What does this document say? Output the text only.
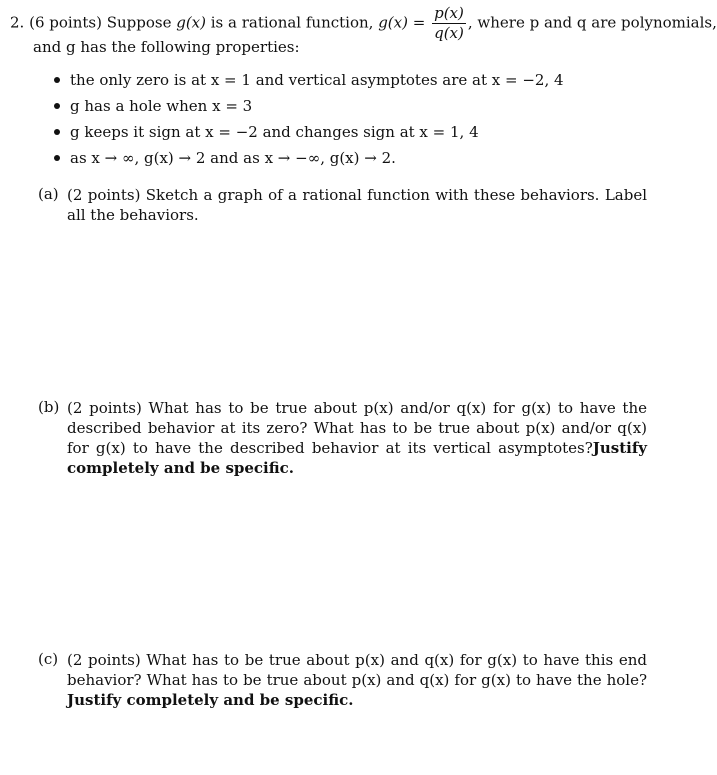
2. (6 points) Suppose g(x) is a rational function, $g(x) = \frac{p(x)}{q(x)}$ , where p and q are polynomials,
and g has the following properties:
the only zero is at x = 1 and vertical asymptotes are at x = −2, 4
g has a hole when x = 3
g keeps it sign at x = −2 and changes sign at x = 1, 4
as x → ∞, g(x) → 2 and as x → −∞, g(x) → 2.
(a) (2 points) Sketch a graph of a rational function with these behaviors. Label all the behaviors.
(b) (2 points) What has to be true about p(x) and/or q(x) for g(x) to have the described behavior at its zero? What has to be true about p(x) and/or q(x) for g(x) to have the described behavior at its vertical asymptotes?Justify completely and be specific.
(c) (2 points) What has to be true about p(x) and q(x) for g(x) to have this end behavior? What has to be true about p(x) and q(x) for g(x) to have the hole? Justify completely and be specific.
